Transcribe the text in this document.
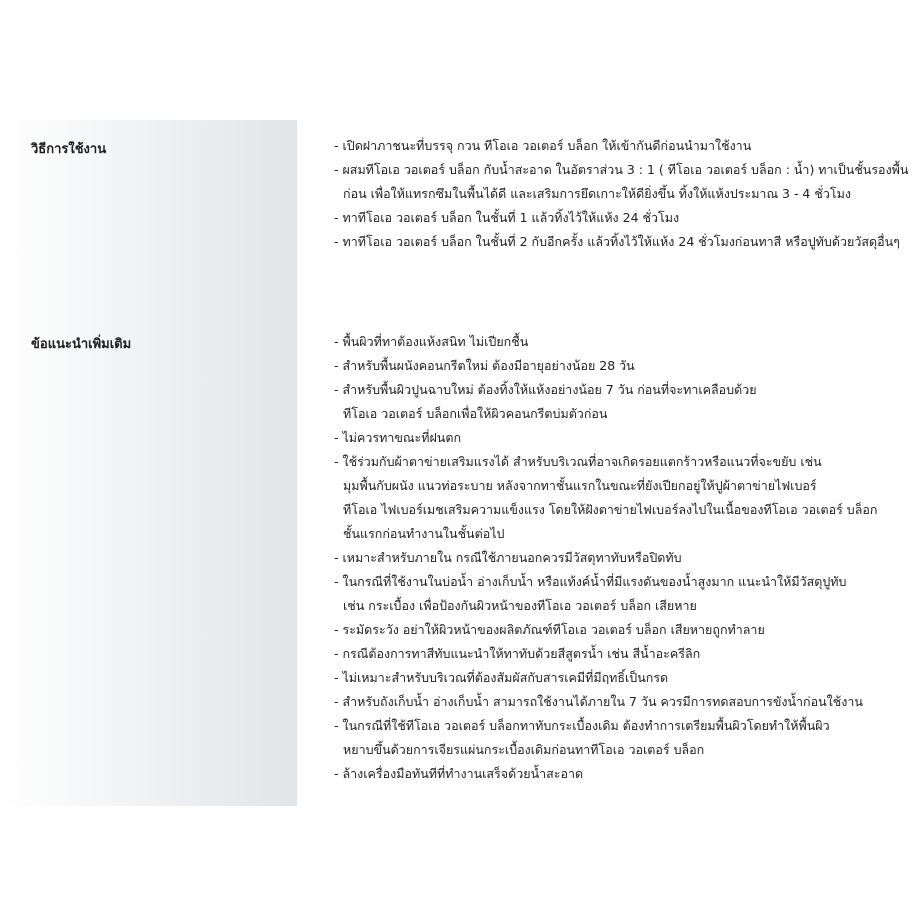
วิธีการใช้งาน	- เปิดฝาภาชนะที่บรรจุ กวน ทีโอเอ วอเตอร์ บล็อก ให้เข้ากันดีก่อนนำมาใช้งาน
- ผสมทีโอเอ วอเตอร์ บล็อก กับน้ำสะอาด ในอัตราส่วน 3 : 1 ( ทีโอเอ วอเตอร์ บล็อก : น้ำ) ทาเป็นชั้นรองพื้น
ก่อน เพื่อให้แทรกซึมในพื้นได้ดี และเสริมการยึดเกาะให้ดียิ่งขึ้น ทิ้งให้แห้งประมาณ 3 - 4 ชั่วโมง
- ทาทีโอเอ วอเตอร์ บล็อก ในชั้นที่ 1 แล้วทิ้งไว้ให้แห้ง 24 ชั่วโมง
- ทาทีโอเอ วอเตอร์ บล็อก ในชั้นที่ 2 กับอีกครั้ง แล้วทิ้งไว้ให้แห้ง 24 ชั่วโมงก่อนทาสี หรือปูทับด้วยวัสดุอื่นๆ
ข้อแนะนำเพิ่มเติม	- พื้นผิวที่ทาต้องแห้งสนิท ไม่เปียกชื้น
- สำหรับพื้นผนังคอนกรีตใหม่ ต้องมีอายุอย่างน้อย 28 วัน
- สำหรับพื้นผิวปูนฉาบใหม่ ต้องทิ้งให้แห้งอย่างน้อย 7 วัน ก่อนที่จะทาเคลือบด้วย
ทีโอเอ วอเตอร์ บล็อกเพื่อให้ผิวคอนกรีตบ่มตัวก่อน
- ไม่ควรทาขณะที่ฝนตก
- ใช้ร่วมกับผ้าตาข่ายเสริมแรงได้ สำหรับบริเวณที่อาจเกิดรอยแตกร้าวหรือแนวที่จะขยับ เช่น
มุมพื้นกับผนัง แนวท่อระบาย หลังจากทาชั้นแรกในขณะที่ยังเปียกอยู่ให้ปูผ้าตาข่ายไฟเบอร์
ทีโอเอ ไฟเบอร์เมชเสริมความแข็งแรง โดยให้ฝังตาข่ายไฟเบอร์ลงไปในเนื้อของทีโอเอ วอเตอร์ บล็อก
ชั้นแรกก่อนทำงานในชั้นต่อไป
- เหมาะสำหรับภายใน กรณีใช้ภายนอกควรมีวัสดุทาทับหรือปิดทับ
- ในกรณีที่ใช้งานในบ่อน้ำ อ่างเก็บน้ำ หรือแท้งค์น้ำที่มีแรงดันของน้ำสูงมาก แนะนำให้มีวัสดุปูทับ
เช่น กระเบื้อง เพื่อป้องกันผิวหน้าของทีโอเอ วอเตอร์ บล็อก เสียหาย
- ระมัดระวัง อย่าให้ผิวหน้าของผลิตภัณฑ์ทีโอเอ วอเตอร์ บล็อก เสียหายถูกทำลาย
- กรณีต้องการทาสีทับแนะนำให้ทาทับด้วยสีสูตรน้ำ เช่น สีน้ำอะครีลิก
- ไม่เหมาะสำหรับบริเวณที่ต้องสัมผัสกับสารเคมีที่มีฤทธิ์เป็นกรด
- สำหรับถังเก็บน้ำ อ่างเก็บน้ำ สามารถใช้งานได้ภายใน 7 วัน ควรมีการทดสอบการขังน้ำก่อนใช้งาน
- ในกรณีที่ใช้ทีโอเอ วอเตอร์ บล็อกทาทับกระเบื้องเดิม ต้องทำการเตรียมพื้นผิวโดยทำให้พื้นผิว
หยาบขึ้นด้วยการเจียรแผ่นกระเบื้องเดิมก่อนทาทีโอเอ วอเตอร์ บล็อก
- ล้างเครื่องมือทันทีที่ทำงานเสร็จด้วยน้ำสะอาด
